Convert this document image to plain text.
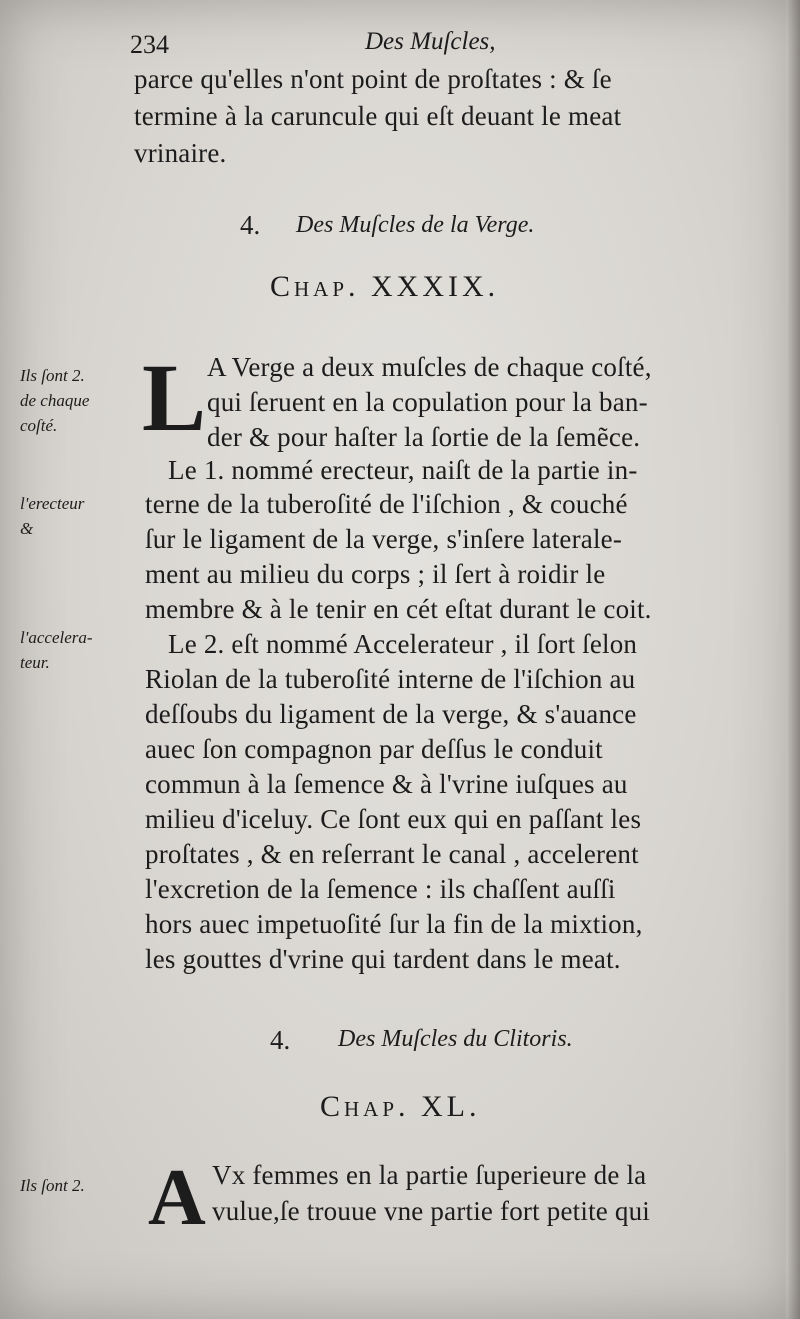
234	Des Muſcles,
parce qu'elles n'ont point de proſtates : & ſe
termine à la caruncule qui eſt deuant le meat
vrinaire.
4. Des Muſcles de la Verge.
Chap. XXXIX.
Ils ſont 2.
de chaque
coſté. L A Verge a deux muſcles de chaque coſté,
qui ſeruent en la copulation pour la ban-
der & pour haſter la ſortie de la ſemẽce.
Le 1. nommé erecteur, naiſt de la partie in-
terne de la tuberoſité de l'iſchion , & couché
ſur le ligament de la verge, s'inſere laterale-
ment au milieu du corps ; il ſert à roidir le
membre & à le tenir en cét eſtat durant le coit.
Le 2. eſt nommé Accelerateur , il ſort ſelon
Riolan de la tuberoſité interne de l'iſchion au
deſſoubs du ligament de la verge, & s'auance
auec ſon compagnon par deſſus le conduit
commun à la ſemence & à l'vrine iuſques au
milieu d'iceluy. Ce ſont eux qui en paſſant les
proſtates , & en reſerrant le canal , accelerent
l'excretion de la ſemence : ils chaſſent auſſi
hors auec impetuoſité ſur la fin de la mixtion,
les gouttes d'vrine qui tardent dans le meat.
l'erecteur
&
l'accelera-
teur.
4. Des Muſcles du Clitoris.
Chap. XL.
Ils ſont 2. A Vx femmes en la partie ſuperieure de la
vulue,ſe trouue vne partie fort petite qui
